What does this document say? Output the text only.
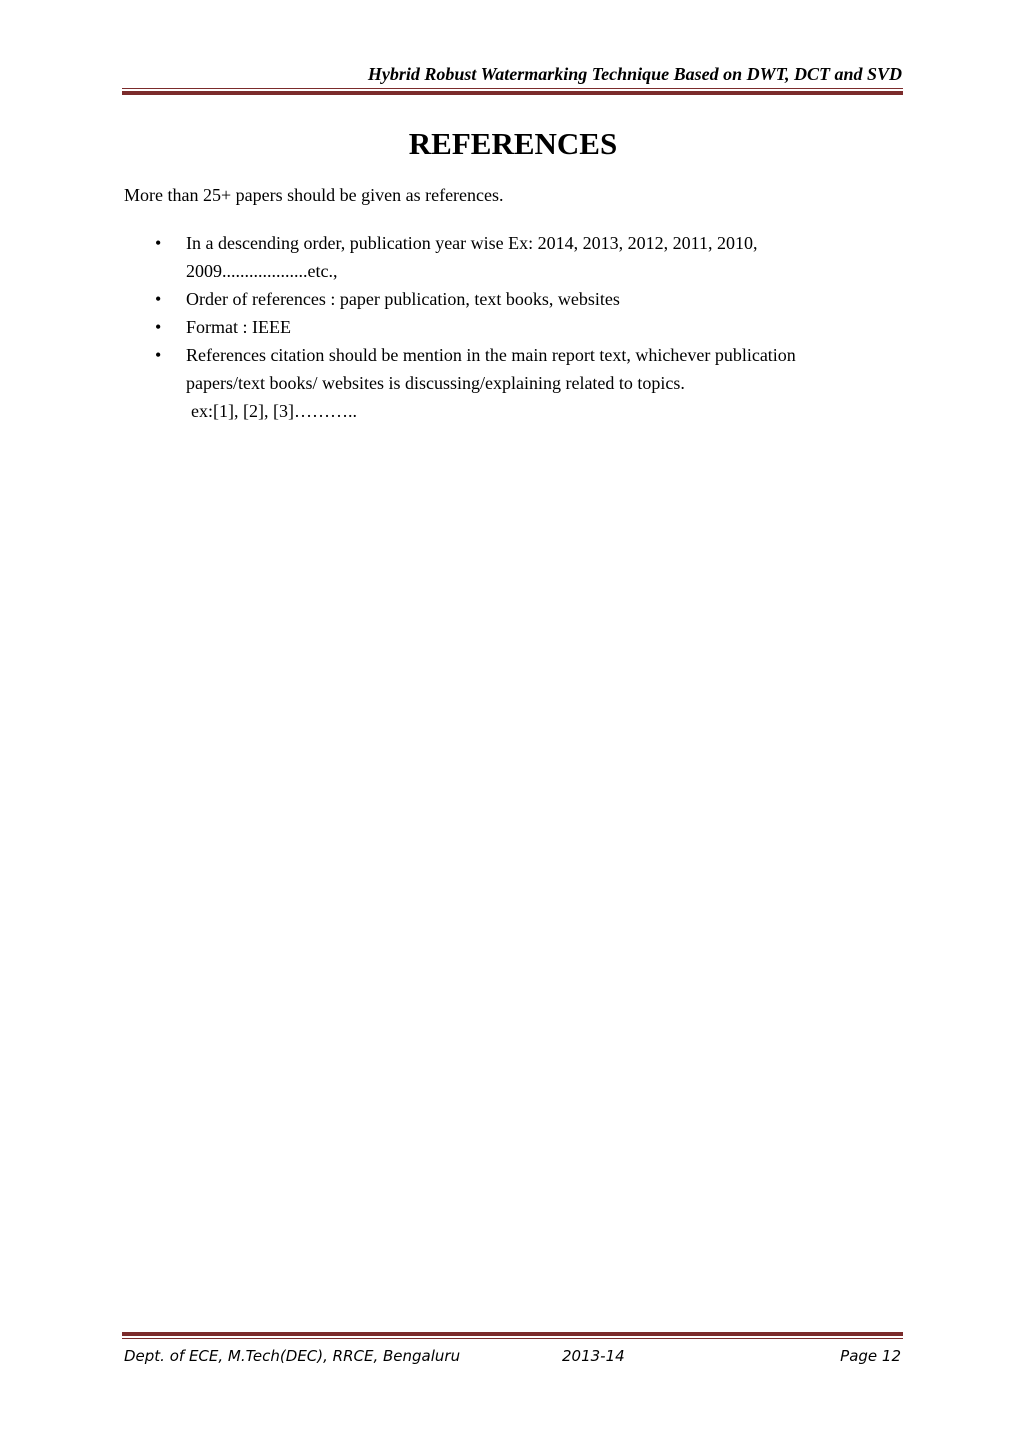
Hybrid Robust Watermarking Technique Based on DWT, DCT and SVD
REFERENCES
More than 25+ papers should be given as references.
• In a descending order, publication year wise Ex: 2014, 2013, 2012, 2011, 2010,
2009...................etc.,
• Order of references : paper publication, text books, websites
• Format : IEEE
• References citation should be mention in the main report text, whichever publication
papers/text books/ websites is discussing/explaining related to topics.
ex:[1], [2], [3]………..
Dept. of ECE, M.Tech(DEC), RRCE, Bengaluru	2013-14	Page 12
